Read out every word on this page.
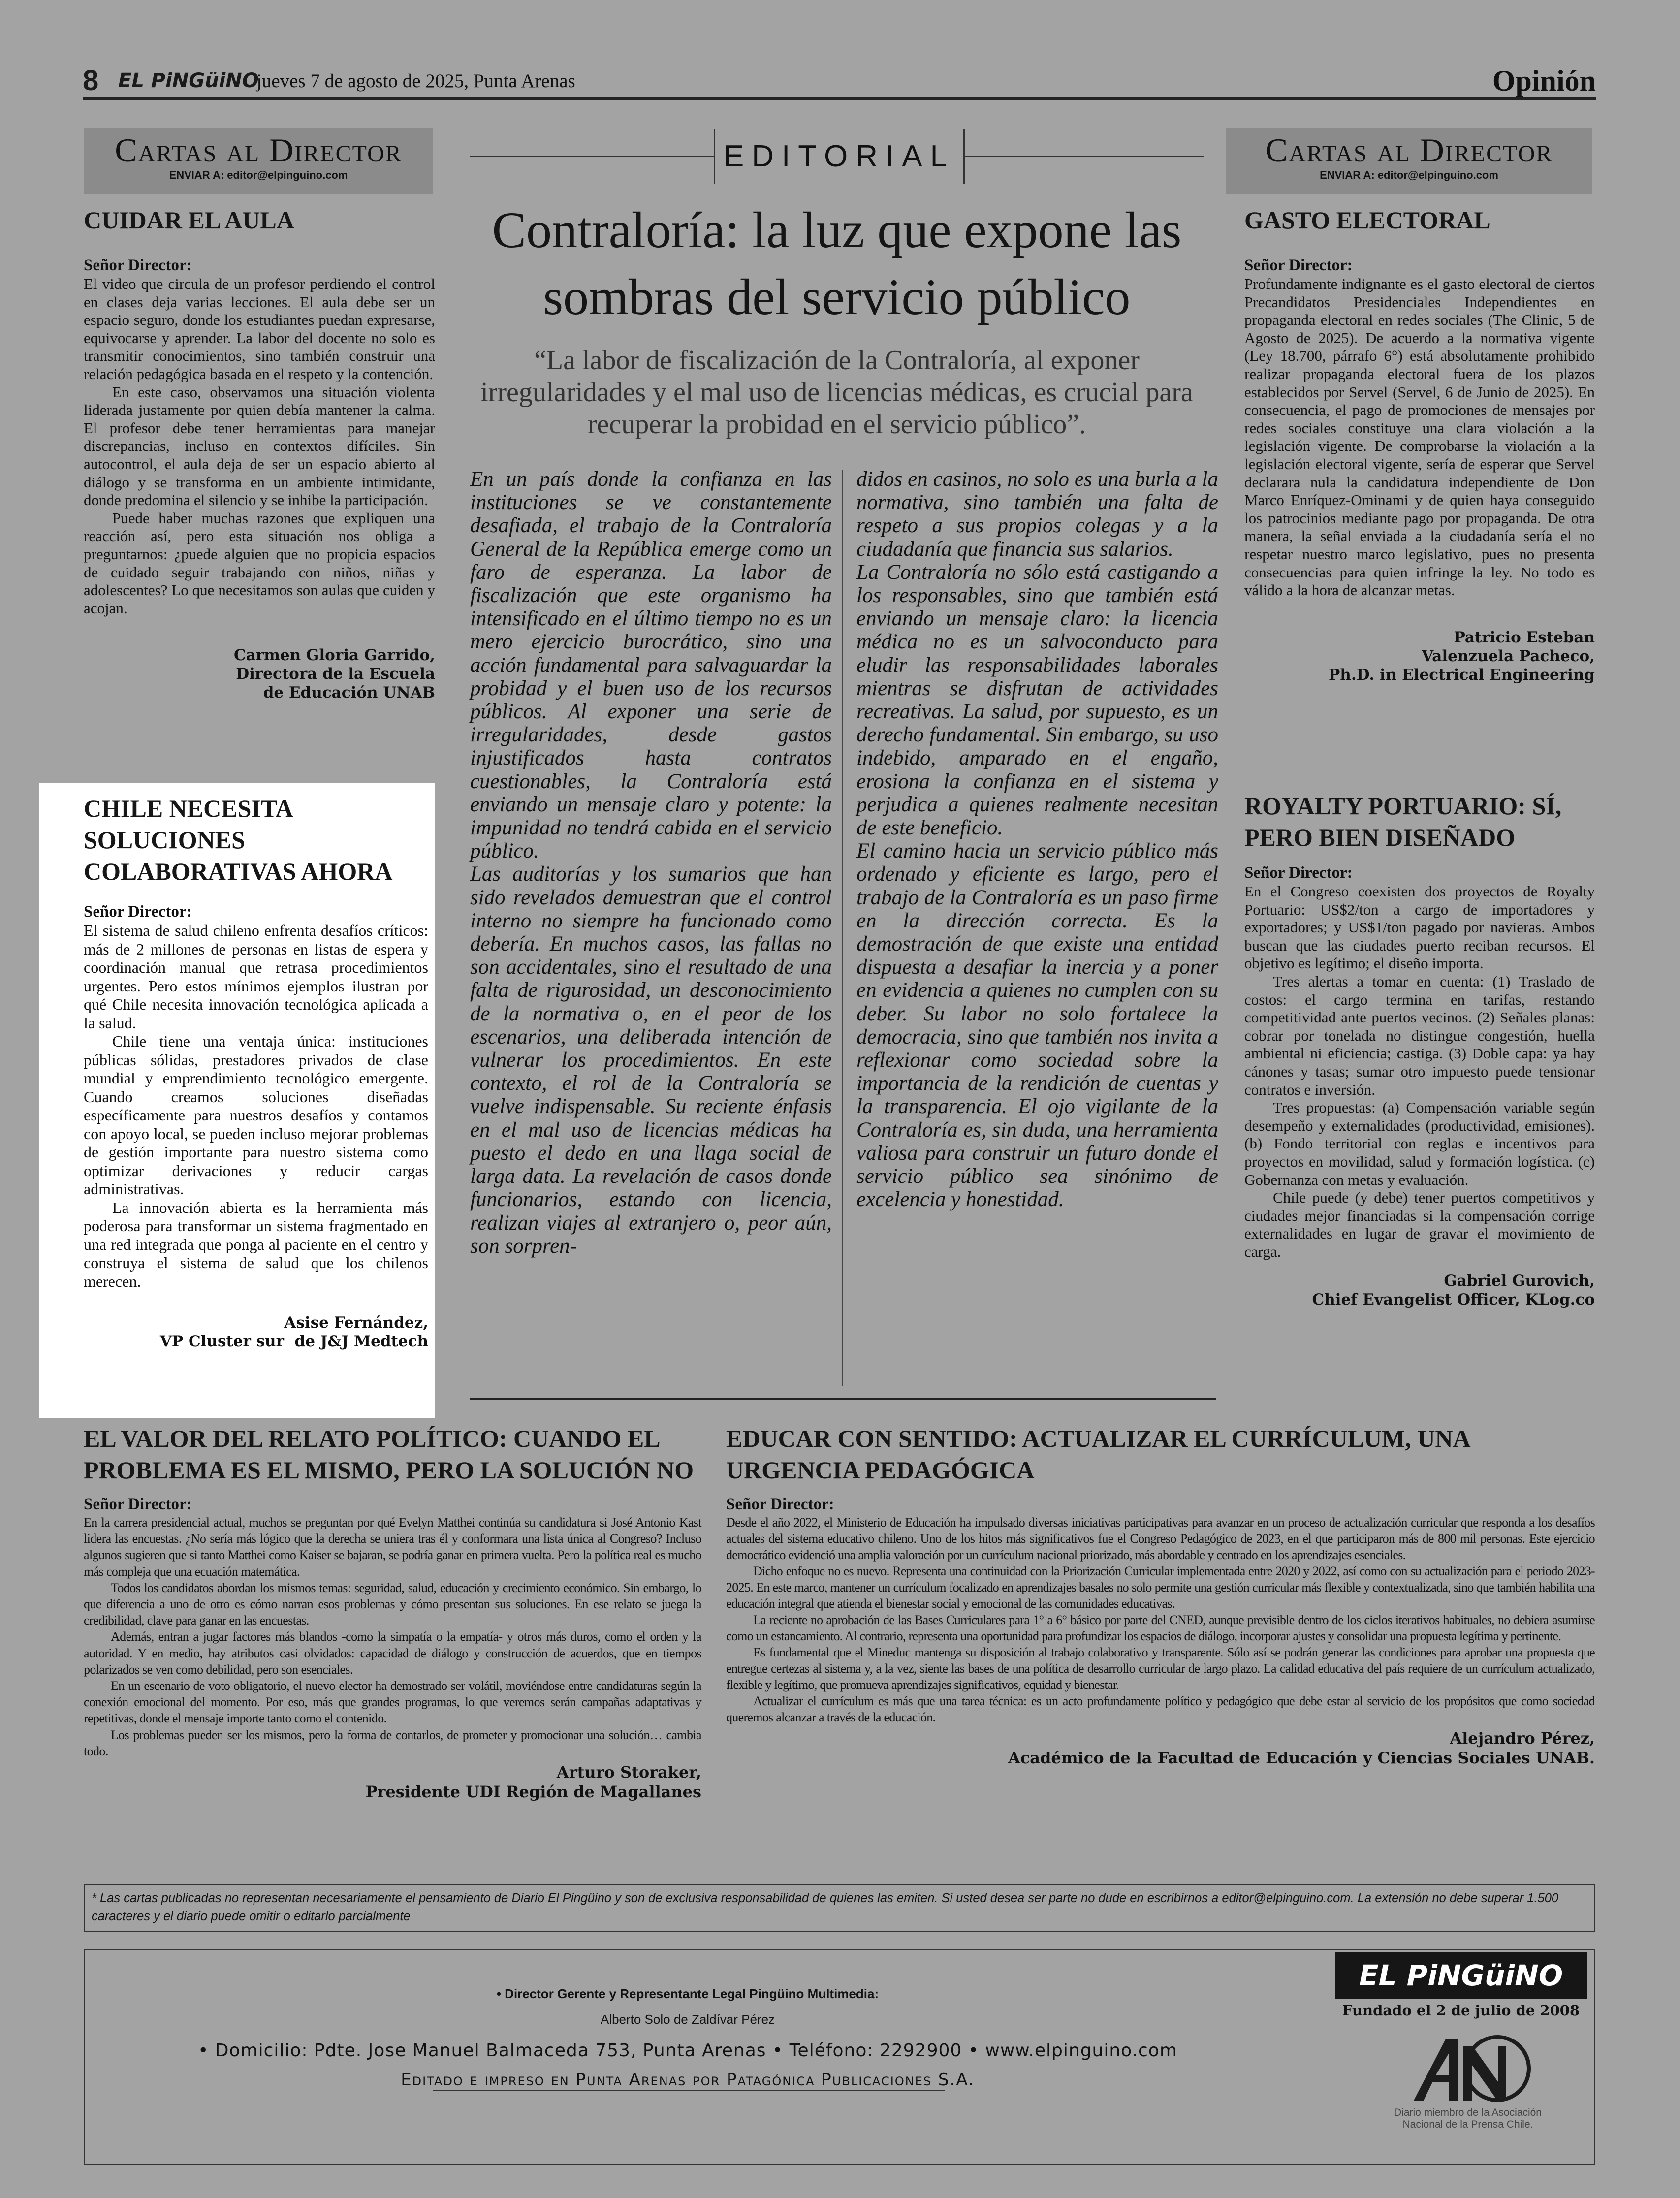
8 EL PiNGüiNO
jueves 7 de agosto de 2025, Punta Arenas	Opinión
Cartas al Director
ENVIAR A: editor@elpinguino.com
CUIDAR EL AULA
Señor Director:

El video que circula de un profesor perdiendo el control en clases deja varias lecciones. El aula debe ser un espacio seguro, donde los estudiantes puedan expresarse, equivocarse y aprender. La labor del docente no solo es transmitir conocimientos, sino también construir una relación pedagógica basada en el respeto y la contención.

En este caso, observamos una situación violenta liderada justamente por quien debía mantener la calma. El profesor debe tener herramientas para manejar discrepancias, incluso en contextos difíciles. Sin autocontrol, el aula deja de ser un espacio abierto al diálogo y se transforma en un ambiente intimidante, donde predomina el silencio y se inhibe la participación.

Puede haber muchas razones que expliquen una reacción así, pero esta situación nos obliga a preguntarnos: ¿puede alguien que no propicia espacios de cuidado seguir trabajando con niños, niñas y adolescentes? Lo que necesitamos son aulas que cuiden y acojan.

Carmen Gloria Garrido,
Directora de la Escuela
de Educación UNAB
CHILE NECESITA SOLUCIONES COLABORATIVAS AHORA
Señor Director:

El sistema de salud chileno enfrenta desafíos críticos: más de 2 millones de personas en listas de espera y coordinación manual que retrasa procedimientos urgentes. Pero estos mínimos ejemplos ilustran por qué Chile necesita innovación tecnológica aplicada a la salud.

Chile tiene una ventaja única: instituciones públicas sólidas, prestadores privados de clase mundial y emprendimiento tecnológico emergente. Cuando creamos soluciones diseñadas específicamente para nuestros desafíos y contamos con apoyo local, se pueden incluso mejorar problemas de gestión importante para nuestro sistema como optimizar derivaciones y reducir cargas administrativas.

La innovación abierta es la herramienta más poderosa para transformar un sistema fragmentado en una red integrada que ponga al paciente en el centro y construya el sistema de salud que los chilenos merecen.

Asise Fernández,
VP Cluster sur  de J&J Medtech
EDITORIAL
Contraloría: la luz que expone las sombras del servicio público
“La labor de fiscalización de la Contraloría, al exponer irregularidades y el mal uso de licencias médicas, es crucial para recuperar la probidad en el servicio público”.

En un país donde la confianza en las instituciones se ve constantemente desafiada, el trabajo de la Contraloría General de la República emerge como un faro de esperanza. La labor de fiscalización que este organismo ha intensificado en el último tiempo no es un mero ejercicio burocrático, sino una acción fundamental para salvaguardar la probidad y el buen uso de los recursos públicos. Al exponer una serie de irregularidades, desde gastos injustificados hasta contratos cuestionables, la Contraloría está enviando un mensaje claro y potente: la impunidad no tendrá cabida en el servicio público.

Las auditorías y los sumarios que han sido revelados demuestran que el control interno no siempre ha funcionado como debería. En muchos casos, las fallas no son accidentales, sino el resultado de una falta de rigurosidad, un desconocimiento de la normativa o, en el peor de los escenarios, una deliberada intención de vulnerar los procedimientos. En este contexto, el rol de la Contraloría se vuelve indispensable. Su reciente énfasis en el mal uso de licencias médicas ha puesto el dedo en una llaga social de larga data. La revelación de casos donde funcionarios, estando con licencia, realizan viajes al extranjero o, peor aún, son sorpren-

didos en casinos, no solo es una burla a la normativa, sino también una falta de respeto a sus propios colegas y a la ciudadanía que financia sus salarios.

La Contraloría no sólo está castigando a los responsables, sino que también está enviando un mensaje claro: la licencia médica no es un salvoconducto para eludir las responsabilidades laborales mientras se disfrutan de actividades recreativas. La salud, por supuesto, es un derecho fundamental. Sin embargo, su uso indebido, amparado en el engaño, erosiona la confianza en el sistema y perjudica a quienes realmente necesitan de este beneficio.

El camino hacia un servicio público más ordenado y eficiente es largo, pero el trabajo de la Contraloría es un paso firme en la dirección correcta. Es la demostración de que existe una entidad dispuesta a desafiar la inercia y a poner en evidencia a quienes no cumplen con su deber. Su labor no solo fortalece la democracia, sino que también nos invita a reflexionar como sociedad sobre la importancia de la rendición de cuentas y la transparencia. El ojo vigilante de la Contraloría es, sin duda, una herramienta valiosa para construir un futuro donde el servicio público sea sinónimo de excelencia y honestidad.

Cartas al Director
ENVIAR A: editor@elpinguino.com
GASTO ELECTORAL
Señor Director:

Profundamente indignante es el gasto electoral de ciertos Precandidatos Presidenciales Independientes en propaganda electoral en redes sociales (The Clinic, 5 de Agosto de 2025). De acuerdo a la normativa vigente (Ley 18.700, párrafo 6°) está absolutamente prohibido realizar propaganda electoral fuera de los plazos establecidos por Servel (Servel, 6 de Junio de 2025). En consecuencia, el pago de promociones de mensajes por redes sociales constituye una clara violación a la legislación vigente. De comprobarse la violación a la legislación electoral vigente, sería de esperar que Servel declarara nula la candidatura independiente de Don Marco Enríquez-Ominami y de quien haya conseguido los patrocinios mediante pago por propaganda. De otra manera, la señal enviada a la ciudadanía sería el no respetar nuestro marco legislativo, pues no presenta consecuencias para quien infringe la ley. No todo es válido a la hora de alcanzar metas.

Patricio Esteban
Valenzuela Pacheco,
Ph.D. in Electrical Engineering
ROYALTY PORTUARIO: SÍ, PERO BIEN DISEÑADO
Señor Director:

En el Congreso coexisten dos proyectos de Royalty Portuario: US$2/ton a cargo de importadores y exportadores; y US$1/ton pagado por navieras. Ambos buscan que las ciudades puerto reciban recursos. El objetivo es legítimo; el diseño importa.

Tres alertas a tomar en cuenta: (1) Traslado de costos: el cargo termina en tarifas, restando competitividad ante puertos vecinos. (2) Señales planas: cobrar por tonelada no distingue congestión, huella ambiental ni eficiencia; castiga. (3) Doble capa: ya hay cánones y tasas; sumar otro impuesto puede tensionar contratos e inversión.

Tres propuestas: (a) Compensación variable según desempeño y externalidades (productividad, emisiones). (b) Fondo territorial con reglas e incentivos para proyectos en movilidad, salud y formación logística. (c) Gobernanza con metas y evaluación.

Chile puede (y debe) tener puertos competitivos y ciudades mejor financiadas si la compensación corrige externalidades en lugar de gravar el movimiento de carga.

Gabriel Gurovich,
Chief Evangelist Officer, KLog.co
EL VALOR DEL RELATO POLÍTICO: CUANDO EL PROBLEMA ES EL MISMO, PERO LA SOLUCIÓN NO
Señor Director:

En la carrera presidencial actual, muchos se preguntan por qué Evelyn Matthei continúa su candidatura si José Antonio Kast lidera las encuestas. ¿No sería más lógico que la derecha se uniera tras él y conformara una lista única al Congreso? Incluso algunos sugieren que si tanto Matthei como Kaiser se bajaran, se podría ganar en primera vuelta. Pero la política real es mucho más compleja que una ecuación matemática.

Todos los candidatos abordan los mismos temas: seguridad, salud, educación y crecimiento económico. Sin embargo, lo que diferencia a uno de otro es cómo narran esos problemas y cómo presentan sus soluciones. En ese relato se juega la credibilidad, clave para ganar en las encuestas.

Además, entran a jugar factores más blandos -como la simpatía o la empatía- y otros más duros, como el orden y la autoridad. Y en medio, hay atributos casi olvidados: capacidad de diálogo y construcción de acuerdos, que en tiempos polarizados se ven como debilidad, pero son esenciales.

En un escenario de voto obligatorio, el nuevo elector ha demostrado ser volátil, moviéndose entre candidaturas según la conexión emocional del momento. Por eso, más que grandes programas, lo que veremos serán campañas adaptativas y repetitivas, donde el mensaje importe tanto como el contenido.

Los problemas pueden ser los mismos, pero la forma de contarlos, de prometer y promocionar una solución… cambia todo.

Arturo Storaker,
Presidente UDI Región de Magallanes
EDUCAR CON SENTIDO: ACTUALIZAR EL CURRÍCULUM, UNA URGENCIA PEDAGÓGICA
Señor Director:

Desde el año 2022, el Ministerio de Educación ha impulsado diversas iniciativas participativas para avanzar en un proceso de actualización curricular que responda a los desafíos actuales del sistema educativo chileno. Uno de los hitos más significativos fue el Congreso Pedagógico de 2023, en el que participaron más de 800 mil personas. Este ejercicio democrático evidenció una amplia valoración por un currículum nacional priorizado, más abordable y centrado en los aprendizajes esenciales.

Dicho enfoque no es nuevo. Representa una continuidad con la Priorización Curricular implementada entre 2020 y 2022, así como con su actualización para el periodo 2023-2025. En este marco, mantener un currículum focalizado en aprendizajes basales no solo permite una gestión curricular más flexible y contextualizada, sino que también habilita una educación integral que atienda el bienestar social y emocional de las comunidades educativas.

La reciente no aprobación de las Bases Curriculares para 1° a 6° básico por parte del CNED, aunque previsible dentro de los ciclos iterativos habituales, no debiera asumirse como un estancamiento. Al contrario, representa una oportunidad para profundizar los espacios de diálogo, incorporar ajustes y consolidar una propuesta legítima y pertinente.

Es fundamental que el Mineduc mantenga su disposición al trabajo colaborativo y transparente. Sólo así se podrán generar las condiciones para aprobar una propuesta que entregue certezas al sistema y, a la vez, siente las bases de una política de desarrollo curricular de largo plazo. La calidad educativa del país requiere de un currículum actualizado, flexible y legítimo, que promueva aprendizajes significativos, equidad y bienestar.

Actualizar el currículum es más que una tarea técnica: es un acto profundamente político y pedagógico que debe estar al servicio de los propósitos que como sociedad queremos alcanzar a través de la educación.

Alejandro Pérez,
Académico de la Facultad de Educación y Ciencias Sociales UNAB.
* Las cartas publicadas no representan necesariamente el pensamiento de Diario El Pingüino y son de exclusiva responsabilidad de quienes las emiten. Si usted desea ser parte no dude en escribirnos a editor@elpinguino.com. La extensión no debe superar 1.500 caracteres y el diario puede omitir o editarlo parcialmente
• Director Gerente y Representante Legal Pingüino Multimedia:
Alberto Solo de Zaldívar Pérez
• Domicilio: Pdte. Jose Manuel Balmaceda 753, Punta Arenas • Teléfono: 2292900 • www.elpinguino.com
Editado e impreso en Punta Arenas por Patagónica Publicaciones S.A.
EL PiNGüiNO
Fundado el 2 de julio de 2008
Diario miembro de la Asociación Nacional de la Prensa Chile.
